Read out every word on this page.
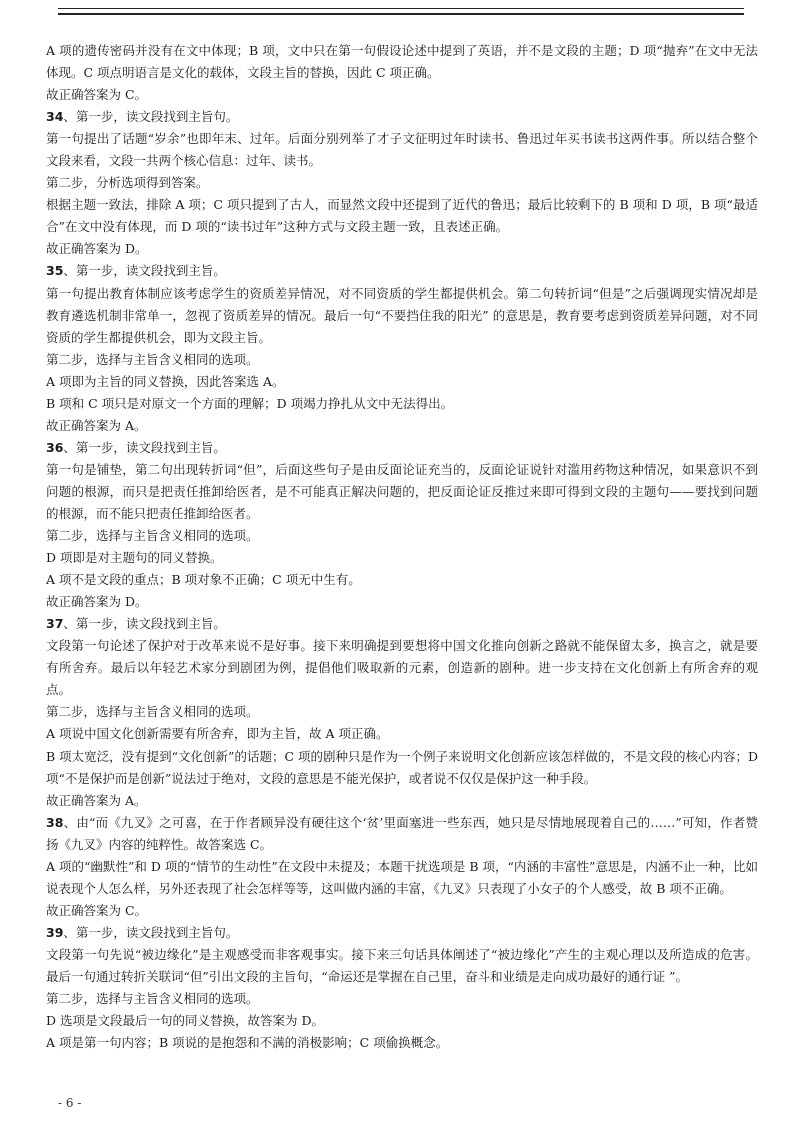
A 项的遗传密码并没有在文中体现；B 项，文中只在第一句假设论述中提到了英语，并不是文段的主题；D 项“抛弃”在文中无法体现。C 项点明语言是文化的载体，文段主旨的替换，因此 C 项正确。

故正确答案为 C。

34、第一步，读文段找到主旨句。

第一句提出了话题“岁余”也即年末、过年。后面分别列举了才子文征明过年时读书、鲁迅过年买书读书这两件事。所以结合整个文段来看，文段一共两个核心信息：过年、读书。

第二步，分析选项得到答案。

根据主题一致法，排除 A 项；C 项只提到了古人，而显然文段中还提到了近代的鲁迅；最后比较剩下的 B 项和 D 项，B 项“最适合”在文中没有体现，而 D 项的“读书过年”这种方式与文段主题一致，且表述正确。

故正确答案为 D。

35、第一步，读文段找到主旨。

第一句提出教育体制应该考虑学生的资质差异情况，对不同资质的学生都提供机会。第二句转折词“但是”之后强调现实情况却是教育遴选机制非常单一，忽视了资质差异的情况。最后一句“不要挡住我的阳光” 的意思是，教育要考虑到资质差异问题，对不同资质的学生都提供机会，即为文段主旨。

第二步，选择与主旨含义相同的选项。

A 项即为主旨的同义替换，因此答案选 A。

B 项和 C 项只是对原文一个方面的理解；D 项竭力挣扎从文中无法得出。

故正确答案为 A。

36、第一步，读文段找到主旨。

第一句是铺垫，第二句出现转折词“但”，后面这些句子是由反面论证充当的，反面论证说针对滥用药物这种情况，如果意识不到问题的根源，而只是把责任推卸给医者，是不可能真正解决问题的，把反面论证反推过来即可得到文段的主题句——要找到问题的根源，而不能只把责任推卸给医者。

第二步，选择与主旨含义相同的选项。

D 项即是对主题句的同义替换。

A 项不是文段的重点；B 项对象不正确；C 项无中生有。

故正确答案为 D。

37、第一步，读文段找到主旨。

文段第一句论述了保护对于改革来说不是好事。接下来明确提到要想将中国文化推向创新之路就不能保留太多，换言之，就是要有所舍弃。最后以年轻艺术家分到剧团为例，提倡他们吸取新的元素，创造新的剧种。进一步支持在文化创新上有所舍弃的观点。

第二步，选择与主旨含义相同的选项。

A 项说中国文化创新需要有所舍弃，即为主旨，故 A 项正确。

B 项太宽泛，没有提到“文化创新”的话题；C 项的剧种只是作为一个例子来说明文化创新应该怎样做的，不是文段的核心内容；D 项“不是保护而是创新”说法过于绝对，文段的意思是不能光保护，或者说不仅仅是保护这一种手段。

故正确答案为 A。

38、由“而《九叉》之可喜，在于作者顾异没有硬往这个‘贫’里面塞进一些东西，她只是尽情地展现着自己的……”可知，作者赞扬《九叉》内容的纯粹性。故答案选 C。

A 项的“幽默性”和 D 项的“情节的生动性”在文段中未提及；本题干扰选项是 B 项，“内涵的丰富性”意思是，内涵不止一种，比如说表现个人怎么样，另外还表现了社会怎样等等，这叫做内涵的丰富，《九叉》只表现了小女子的个人感受，故 B 项不正确。

故正确答案为 C。

39、第一步，读文段找到主旨句。

文段第一句先说“被边缘化”是主观感受而非客观事实。接下来三句话具体阐述了“被边缘化”产生的主观心理以及所造成的危害。最后一句通过转折关联词“但”引出文段的主旨句，“命运还是掌握在自己里，奋斗和业绩是走向成功最好的通行证 ”。

第二步，选择与主旨含义相同的选项。

D 选项是文段最后一句的同义替换，故答案为 D。

A 项是第一句内容；B 项说的是抱怨和不满的消极影响；C 项偷换概念。

- 6 -
